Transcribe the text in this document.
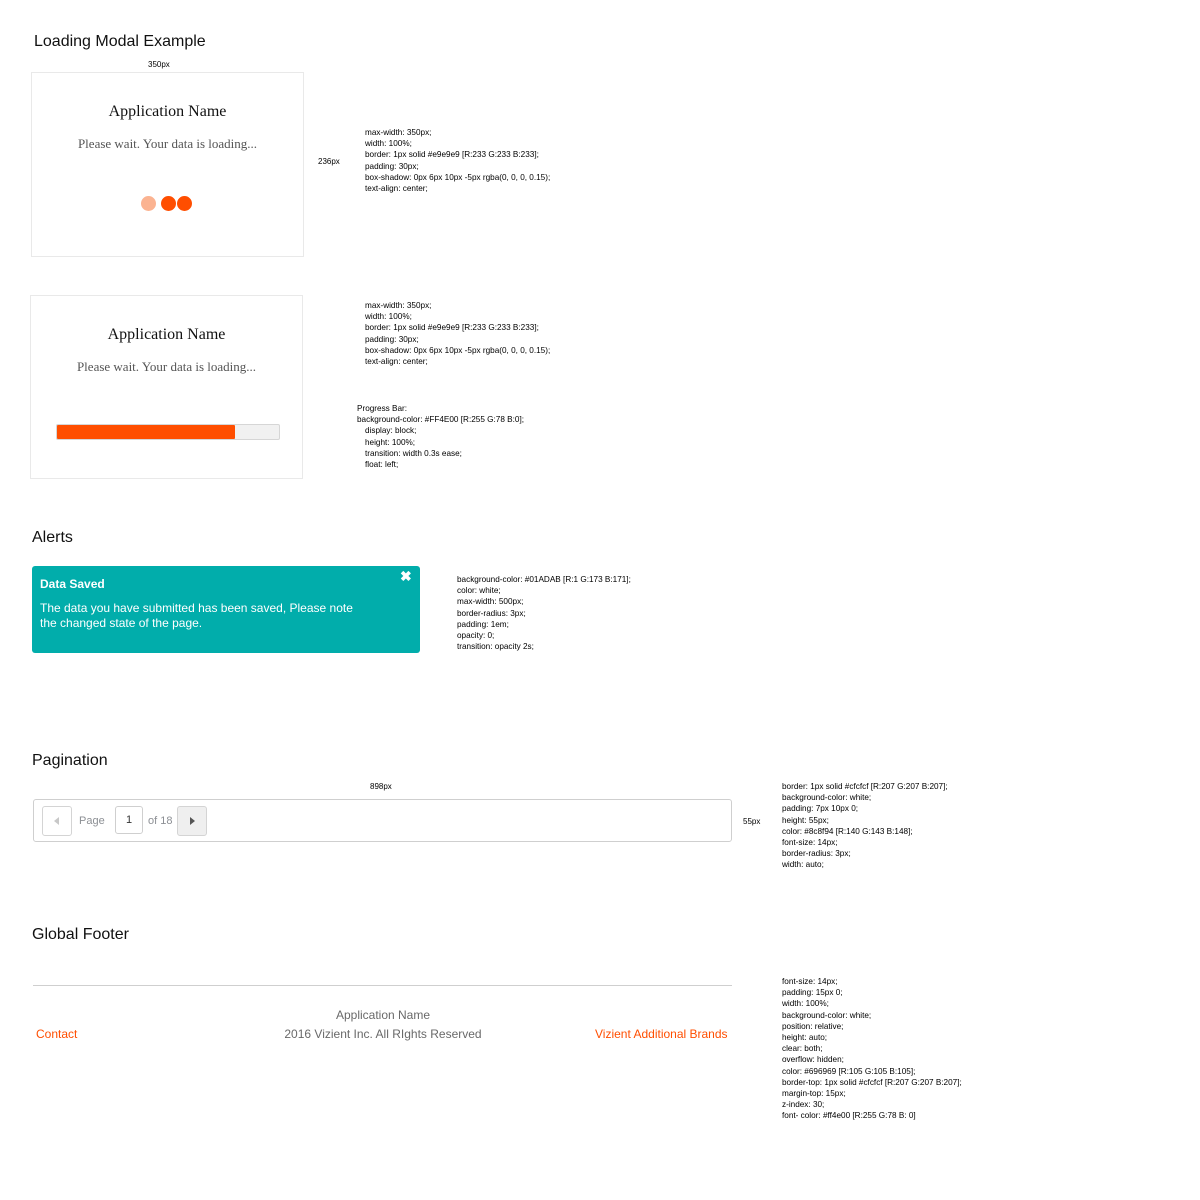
Loading Modal Example
350px
236px
Application Name
Please wait. Your data is loading...
max-width: 350px;
width: 100%;
border: 1px solid #e9e9e9 [R:233 G:233 B:233];
padding: 30px;
box-shadow: 0px 6px 10px -5px rgba(0, 0, 0, 0.15);
text-align: center;
Application Name
Please wait. Your data is loading...
max-width: 350px;
width: 100%;
border: 1px solid #e9e9e9 [R:233 G:233 B:233];
padding: 30px;
box-shadow: 0px 6px 10px -5px rgba(0, 0, 0, 0.15);
text-align: center;
Progress Bar:
background-color: #FF4E00 [R:255 G:78 B:0];
display: block;
height: 100%;
transition: width 0.3s ease;
float: left;
Alerts
Data Saved
The data you have submitted has been saved, Please note the changed state of the page.
✖	background-color: #01ADAB [R:1 G:173 B:171];
color: white;
max-width: 500px;
border-radius: 3px;
padding: 1em;
opacity: 0;
transition: opacity 2s;
Pagination
898px
55px
Page	1	of 18
border: 1px solid #cfcfcf [R:207 G:207 B:207];
background-color: white;
padding: 7px 10px 0;
height: 55px;
color: #8c8f94 [R:140 G:143 B:148];
font-size: 14px;
border-radius: 3px;
width: auto;
Global Footer
Contact
Application Name
2016 Vizient Inc. All RIghts Reserved	Vizient Additional Brands
font-size: 14px;
padding: 15px 0;
width: 100%;
background-color: white;
position: relative;
height: auto;
clear: both;
overflow: hidden;
color: #696969 [R:105 G:105 B:105];
border-top: 1px solid #cfcfcf [R:207 G:207 B:207];
margin-top: 15px;
z-index: 30;
font- color: #ff4e00 [R:255 G:78 B: 0]
